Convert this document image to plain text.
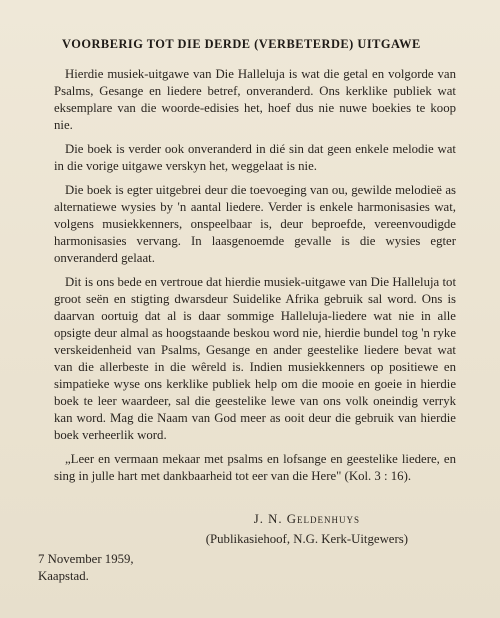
VOORBERIG TOT DIE DERDE (VERBETERDE) UITGAWE

Hierdie musiek-uitgawe van Die Halleluja is wat die getal en volgorde van Psalms, Gesange en liedere betref, onveranderd. Ons kerklike publiek wat eksemplare van die woorde-edisies het, hoef dus nie nuwe boekies te koop nie.

Die boek is verder ook onveranderd in dié sin dat geen enkele melodie wat in die vorige uitgawe verskyn het, weggelaat is nie.

Die boek is egter uitgebrei deur die toevoeging van ou, gewilde melodieë as alternatiewe wysies by 'n aantal liedere. Verder is enkele harmonisasies wat, volgens musiekkenners, onspeelbaar is, deur beproefde, vereenvoudigde harmonisasies vervang. In laasgenoemde gevalle is die wysies egter onveranderd gelaat.

Dit is ons bede en vertroue dat hierdie musiek-uitgawe van Die Halleluja tot groot seën en stigting dwarsdeur Suidelike Afrika gebruik sal word. Ons is daarvan oortuig dat al is daar sommige Halleluja-liedere wat nie in alle opsigte deur almal as hoogstaande beskou word nie, hierdie bundel tog 'n ryke verskeidenheid van Psalms, Gesange en ander geestelike liedere bevat wat van die allerbeste in die wêreld is. Indien musiekkenners op positiewe en simpatieke wyse ons kerklike publiek help om die mooie en goeie in hierdie boek te leer waardeer, sal die geestelike lewe van ons volk oneindig verryk kan word. Mag die Naam van God meer as ooit deur die gebruik van hierdie boek verheerlik word.

„Leer en vermaan mekaar met psalms en lofsange en geestelike liedere, en sing in julle hart met dankbaarheid tot eer van die Here" (Kol. 3 : 16).

J. N. Geldenhuys
(Publikasiehoof, N.G. Kerk-Uitgewers)
7 November 1959,
Kaapstad.
